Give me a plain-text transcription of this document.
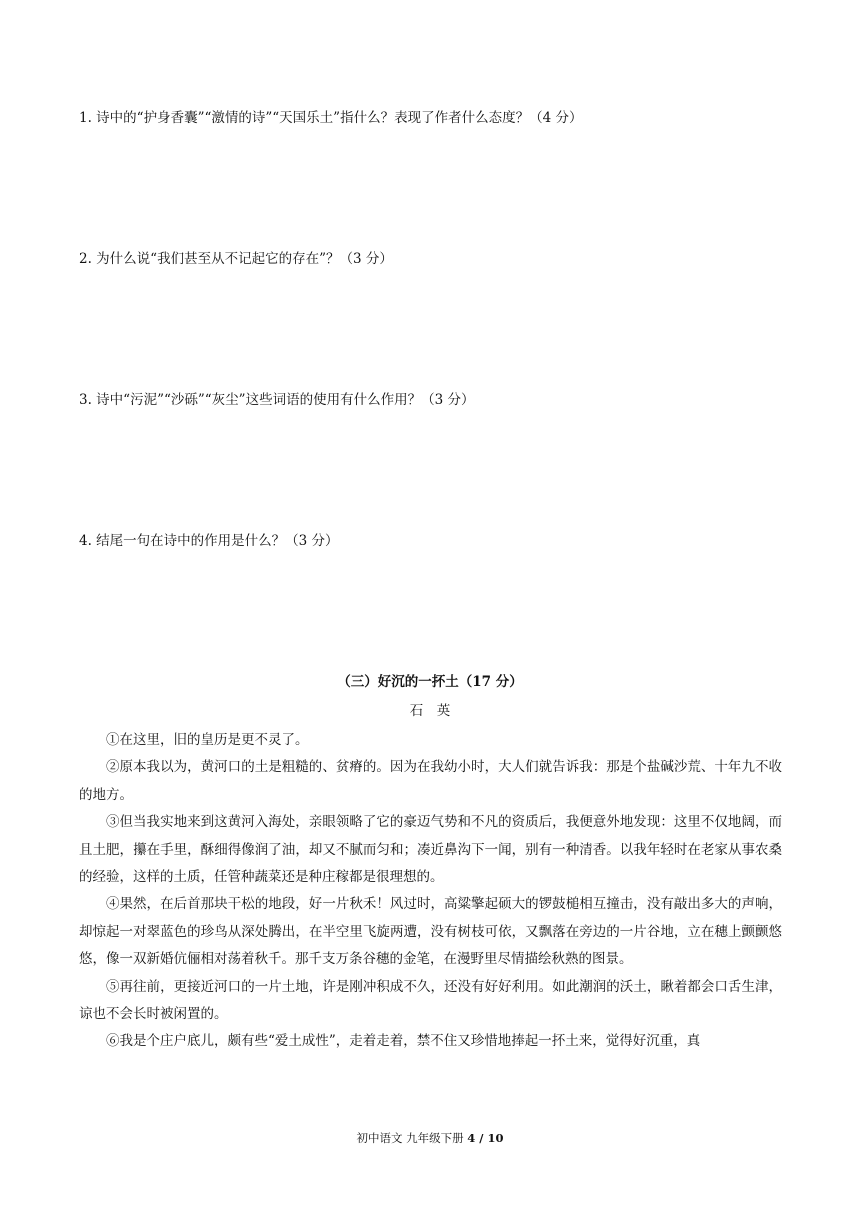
1. 诗中的“护身香囊”“激情的诗”“天国乐土”指什么？表现了作者什么态度？（4 分）

2. 为什么说“我们甚至从不记起它的存在”？（3 分）

3. 诗中“污泥”“沙砾”“灰尘”这些词语的使用有什么作用？（3 分）

4. 结尾一句在诗中的作用是什么？（3 分）

（三）好沉的一抔土（17 分）
石　英

①在这里，旧的皇历是更不灵了。

②原本我以为，黄河口的土是粗糙的、贫瘠的。因为在我幼小时，大人们就告诉我：那是个盐碱沙荒、十年九不收的地方。

③但当我实地来到这黄河入海处，亲眼领略了它的豪迈气势和不凡的资质后，我便意外地发现：这里不仅地阔，而且土肥，攥在手里，酥细得像润了油，却又不腻而匀和；凑近鼻沟下一闻，别有一种清香。以我年轻时在老家从事农桑的经验，这样的土质，任管种蔬菜还是种庄稼都是很理想的。

④果然，在后首那块干松的地段，好一片秋禾！风过时，高粱擎起硕大的锣鼓槌相互撞击，没有敲出多大的声响，却惊起一对翠蓝色的珍鸟从深处腾出，在半空里飞旋两遭，没有树枝可依，又飘落在旁边的一片谷地，立在穗上颤颤悠悠，像一双新婚伉俪相对荡着秋千。那千支万条谷穗的金笔，在漫野里尽情描绘秋熟的图景。

⑤再往前，更接近河口的一片土地，许是刚冲积成不久，还没有好好利用。如此潮润的沃土，瞅着都会口舌生津，谅也不会长时被闲置的。

⑥我是个庄户底儿，颇有些“爱土成性”，走着走着，禁不住又珍惜地捧起一抔土来，觉得好沉重，真

初中语文 九年级下册 4 / 10
